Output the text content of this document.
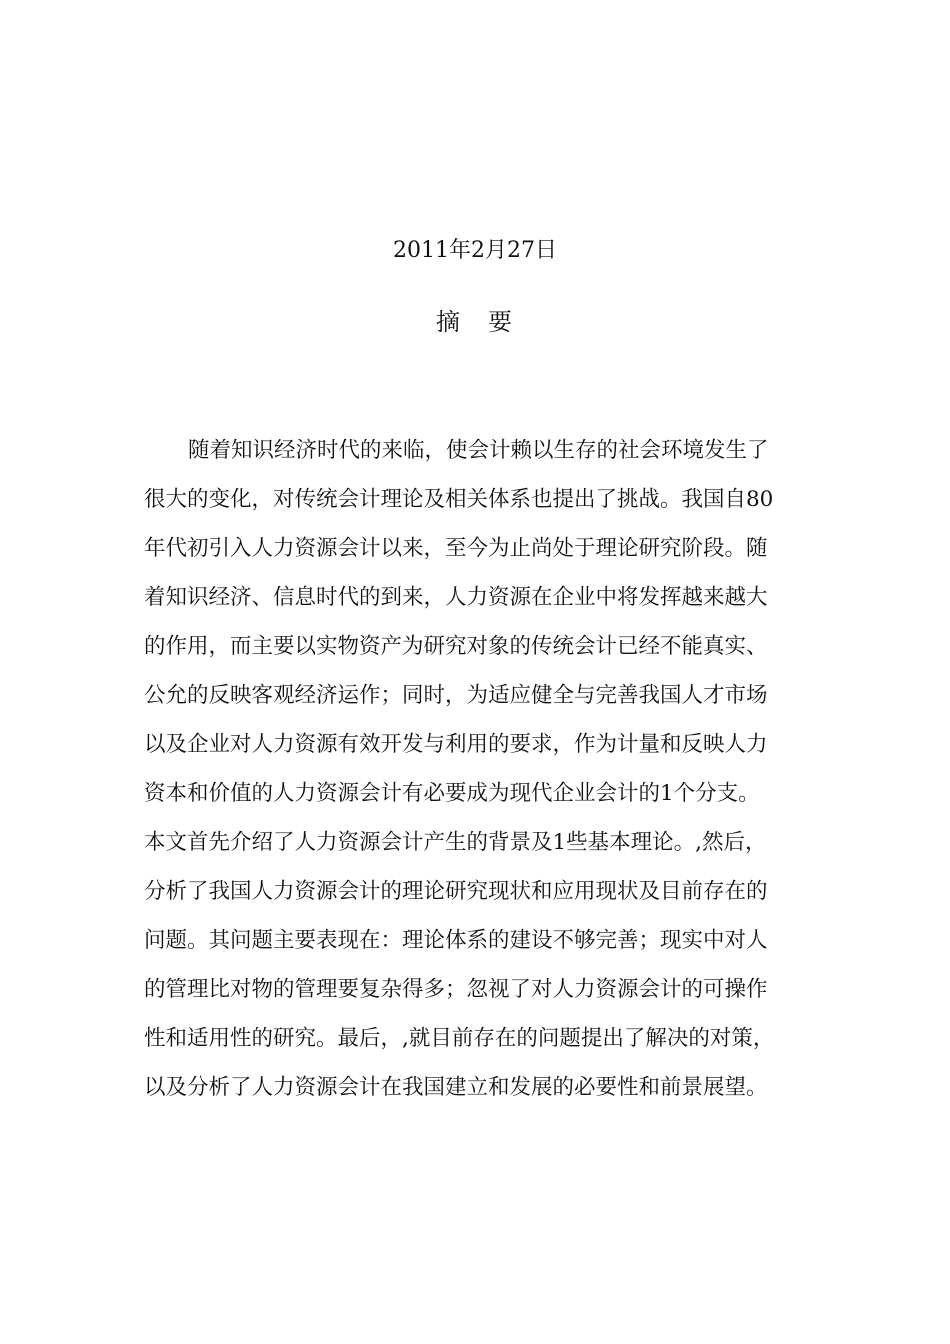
2011年2月27日
摘　要
随着知识经济时代的来临，使会计赖以生存的社会环境发生了
很大的变化，对传统会计理论及相关体系也提出了挑战。我国自80
年代初引入人力资源会计以来，至今为止尚处于理论研究阶段。随
着知识经济、信息时代的到来，人力资源在企业中将发挥越来越大
的作用，而主要以实物资产为研究对象的传统会计已经不能真实、
公允的反映客观经济运作；同时，为适应健全与完善我国人才市场
以及企业对人力资源有效开发与利用的要求，作为计量和反映人力
资本和价值的人力资源会计有必要成为现代企业会计的1个分支。
本文首先介绍了人力资源会计产生的背景及1些基本理论。,然后，
分析了我国人力资源会计的理论研究现状和应用现状及目前存在的
问题。其问题主要表现在：理论体系的建设不够完善；现实中对人
的管理比对物的管理要复杂得多；忽视了对人力资源会计的可操作
性和适用性的研究。最后，,就目前存在的问题提出了解决的对策，
以及分析了人力资源会计在我国建立和发展的必要性和前景展望。
